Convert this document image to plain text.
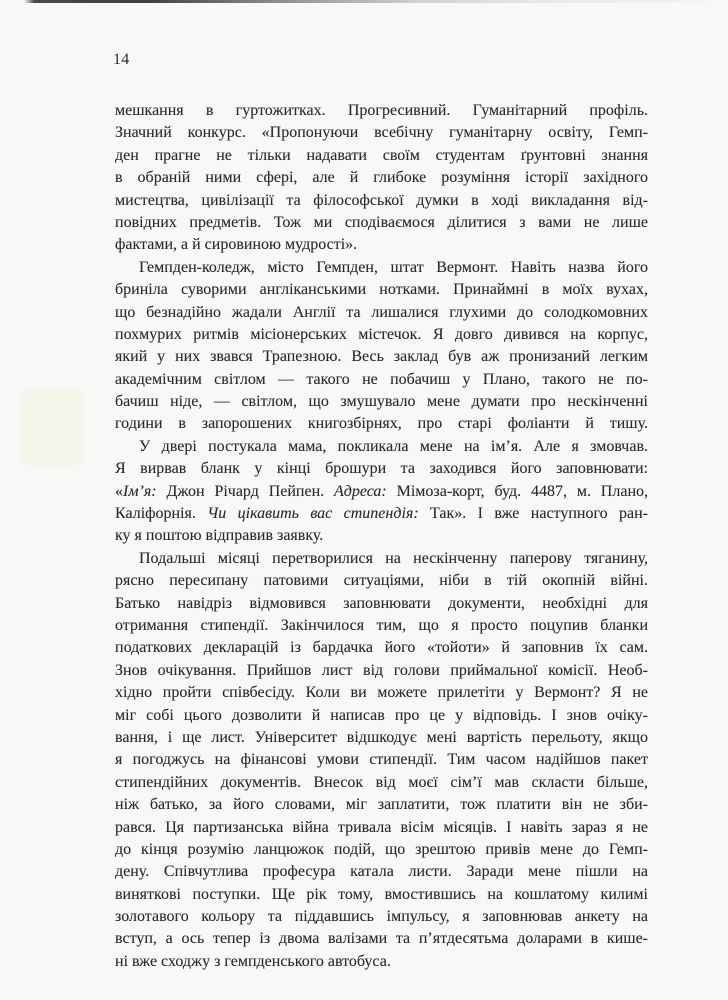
14
мешкання в гуртожитках. Прогресивний. Гуманітарний профіль.
Значний конкурс. «Пропонуючи всебічну гуманітарну освіту, Гемп-
ден прагне не тільки надавати своїм студентам ґрунтовні знання
в обраній ними сфері, але й глибоке розуміння історії західного
мистецтва, цивілізації та філософської думки в ході викладання від-
повідних предметів. Тож ми сподіваємося ділитися з вами не лише
фактами, а й сировиною мудрості».
Гемпден-коледж, місто Гемпден, штат Вермонт. Навіть назва його
бриніла суворими англіканськими нотками. Принаймні в моїх вухах,
що безнадійно жадали Англії та лишалися глухими до солодкомовних
похмурих ритмів місіонерських містечок. Я довго дивився на корпус,
який у них звався Трапезною. Весь заклад був аж пронизаний легким
академічним світлом — такого не побачиш у Плано, такого не по-
бачиш ніде, — світлом, що змушувало мене думати про нескінченні
години в запорошених книгозбірнях, про старі фоліанти й тишу.
У двері постукала мама, покликала мене на ім’я. Але я змовчав.
Я вирвав бланк у кінці брошури та заходився його заповнювати:
«Ім’я: Джон Річард Пейпен. Адреса: Мімоза-корт, буд. 4487, м. Плано,
Каліфорнія. Чи цікавить вас стипендія: Так». І вже наступного ран-
ку я поштою відправив заявку.
Подальші місяці перетворилися на нескінченну паперову тяганину,
рясно пересипану патовими ситуаціями, ніби в тій окопній війні.
Батько навідріз відмовився заповнювати документи, необхідні для
отримання стипендії. Закінчилося тим, що я просто поцупив бланки
податкових декларацій із бардачка його «тойоти» й заповнив їх сам.
Знов очікування. Прийшов лист від голови приймальної комісії. Необ-
хідно пройти співбесіду. Коли ви можете прилетіти у Вермонт? Я не
міг собі цього дозволити й написав про це у відповідь. І знов очіку-
вання, і ще лист. Університет відшкодує мені вартість перельоту, якщо
я погоджусь на фінансові умови стипендії. Тим часом надійшов пакет
стипендійних документів. Внесок від моєї сім’ї мав скласти більше,
ніж батько, за його словами, міг заплатити, тож платити він не зби-
рався. Ця партизанська війна тривала вісім місяців. І навіть зараз я не
до кінця розумію ланцюжок подій, що зрештою привів мене до Гемп-
дену. Співчутлива професура катала листи. Заради мене пішли на
виняткові поступки. Ще рік тому, вмостившись на кошлатому килимі
золотавого кольору та піддавшись імпульсу, я заповнював анкету на
вступ, а ось тепер із двома валізами та п’ятдесятьма доларами в кише-
ні вже сходжу з гемпденського автобуса.
